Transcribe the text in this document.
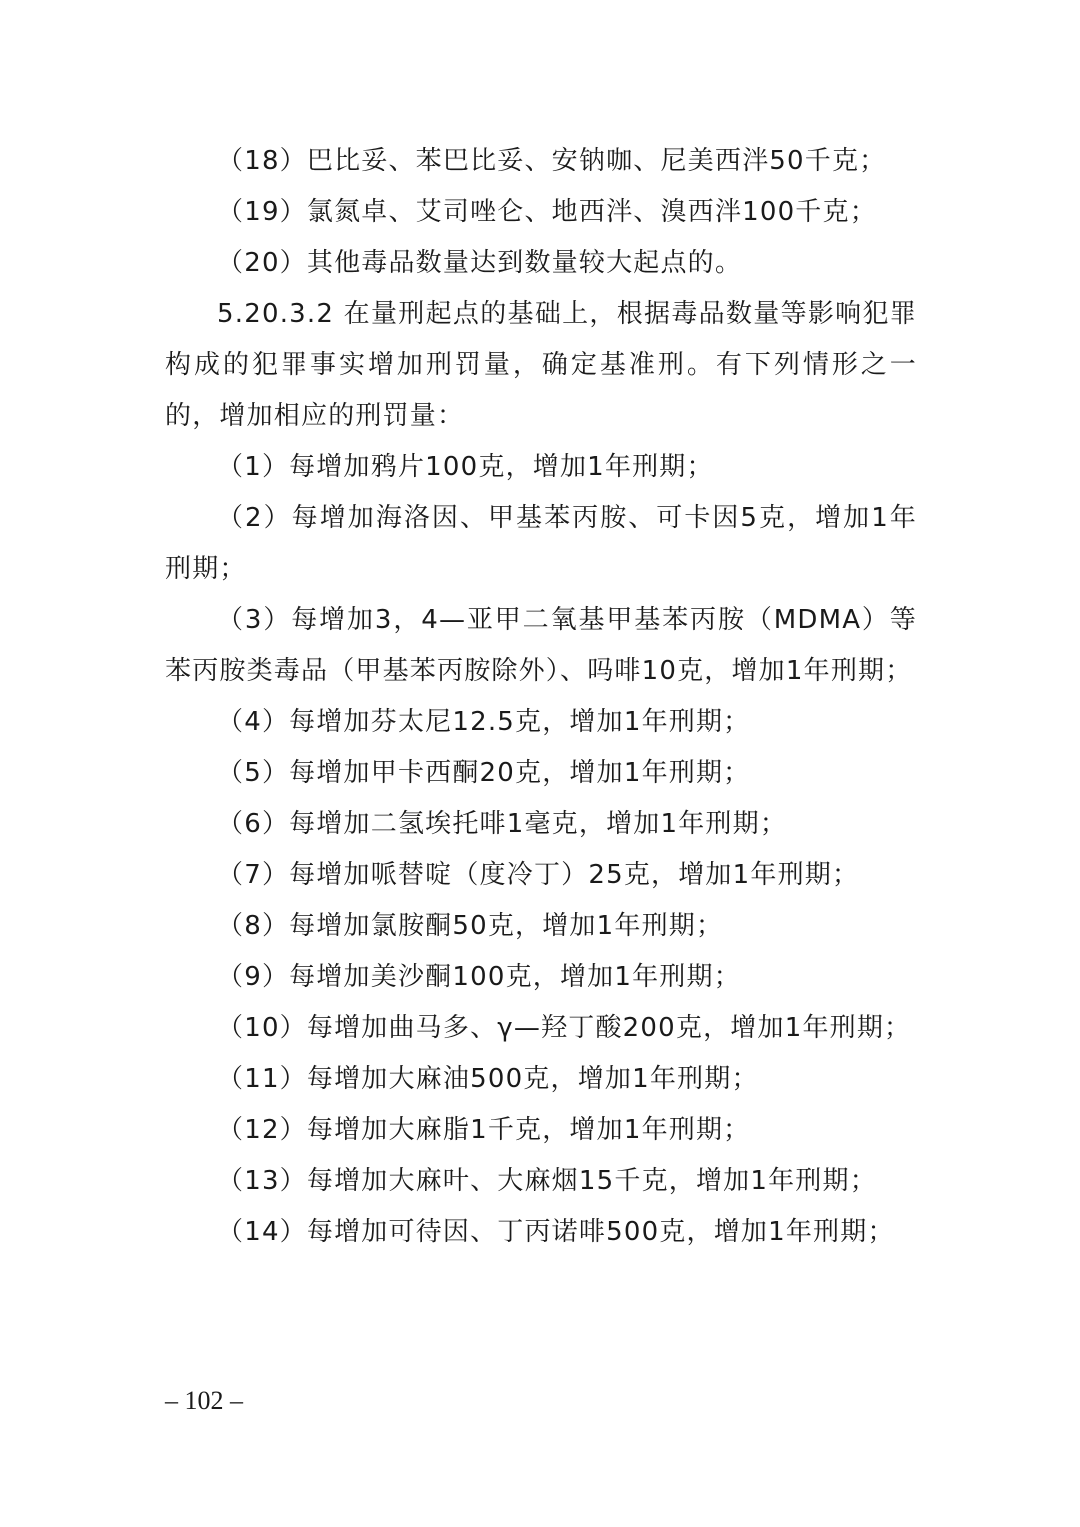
（18）巴比妥、苯巴比妥、安钠咖、尼美西泮50千克；

（19）氯氮卓、艾司唑仑、地西泮、溴西泮100千克；

（20）其他毒品数量达到数量较大起点的。

5.20.3.2 在量刑起点的基础上，根据毒品数量等影响犯罪构成的犯罪事实增加刑罚量，确定基准刑。有下列情形之一的，增加相应的刑罚量：

（1）每增加鸦片100克，增加1年刑期；

（2）每增加海洛因、甲基苯丙胺、可卡因5克，增加1年刑期；

（3）每增加3，4—亚甲二氧基甲基苯丙胺（MDMA）等苯丙胺类毒品（甲基苯丙胺除外）、吗啡10克，增加1年刑期；

（4）每增加芬太尼12.5克，增加1年刑期；

（5）每增加甲卡西酮20克，增加1年刑期；

（6）每增加二氢埃托啡1毫克，增加1年刑期；

（7）每增加哌替啶（度冷丁）25克，增加1年刑期；

（8）每增加氯胺酮50克，增加1年刑期；

（9）每增加美沙酮100克，增加1年刑期；

（10）每增加曲马多、γ—羟丁酸200克，增加1年刑期；

（11）每增加大麻油500克，增加1年刑期；

（12）每增加大麻脂1千克，增加1年刑期；

（13）每增加大麻叶、大麻烟15千克，增加1年刑期；

（14）每增加可待因、丁丙诺啡500克，增加1年刑期；

– 102 –
